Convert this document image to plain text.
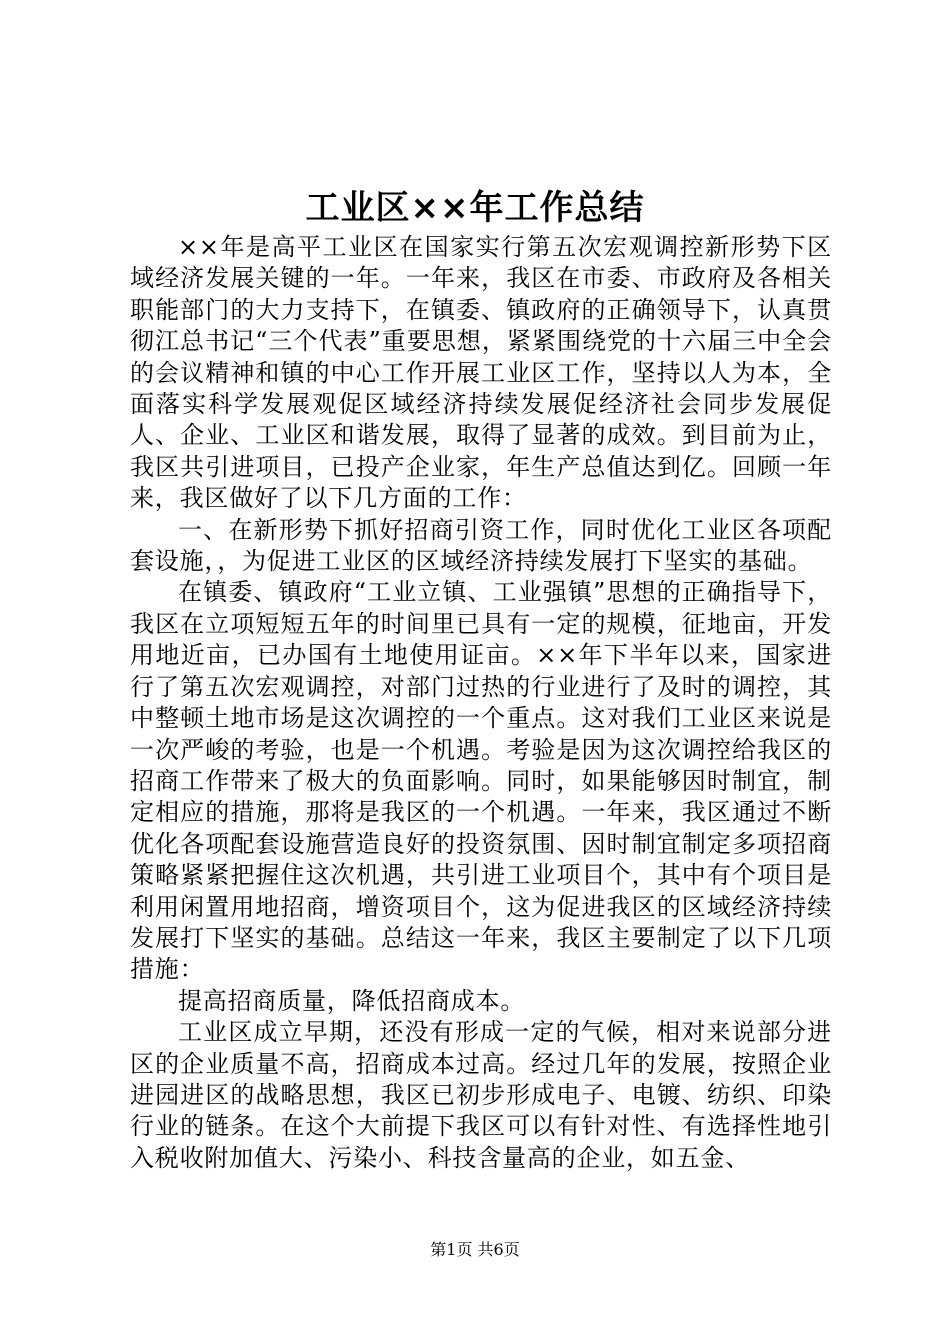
工业区××年工作总结

××年是高平工业区在国家实行第五次宏观调控新形势下区域经济发展关键的一年。一年来，我区在市委、市政府及各相关职能部门的大力支持下，在镇委、镇政府的正确领导下，认真贯彻江总书记“三个代表”重要思想，紧紧围绕党的十六届三中全会的会议精神和镇的中心工作开展工业区工作，坚持以人为本，全面落实科学发展观促区域经济持续发展促经济社会同步发展促人、企业、工业区和谐发展，取得了显著的成效。到目前为止，我区共引进项目，已投产企业家，年生产总值达到亿。回顾一年来，我区做好了以下几方面的工作：

一、在新形势下抓好招商引资工作，同时优化工业区各项配套设施，，为促进工业区的区域经济持续发展打下坚实的基础。

在镇委、镇政府“工业立镇、工业强镇”思想的正确指导下，我区在立项短短五年的时间里已具有一定的规模，征地亩，开发用地近亩，已办国有土地使用证亩。××年下半年以来，国家进行了第五次宏观调控，对部门过热的行业进行了及时的调控，其中整顿土地市场是这次调控的一个重点。这对我们工业区来说是一次严峻的考验，也是一个机遇。考验是因为这次调控给我区的招商工作带来了极大的负面影响。同时，如果能够因时制宜，制定相应的措施，那将是我区的一个机遇。一年来，我区通过不断优化各项配套设施营造良好的投资氛围、因时制宜制定多项招商策略紧紧把握住这次机遇，共引进工业项目个，其中有个项目是利用闲置用地招商，增资项目个，这为促进我区的区域经济持续发展打下坚实的基础。总结这一年来，我区主要制定了以下几项措施：

提高招商质量，降低招商成本。

工业区成立早期，还没有形成一定的气候，相对来说部分进区的企业质量不高，招商成本过高。经过几年的发展，按照企业进园进区的战略思想，我区已初步形成电子、电镀、纺织、印染行业的链条。在这个大前提下我区可以有针对性、有选择性地引入税收附加值大、污染小、科技含量高的企业，如五金、

第1页 共6页
